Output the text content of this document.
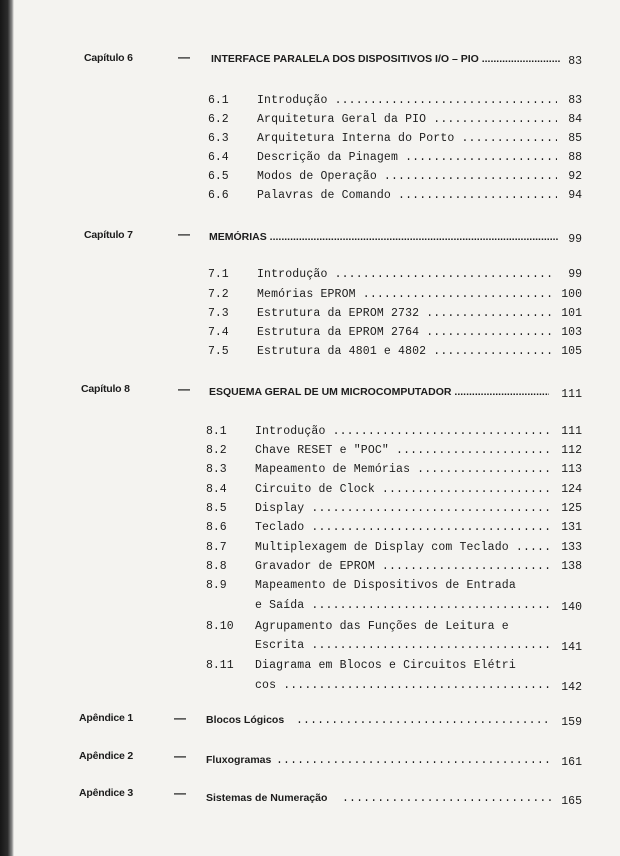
Capítulo 6	— INTERFACE PARALELA DOS DISPOSITIVOS I/O – PIO .....	83
6.1 Introdução .....	83
6.2 Arquitetura Geral da PIO .....	84
6.3 Arquitetura Interna do Porto .....	85
6.4 Descrição da Pinagem .....	88
6.5 Modos de Operação .....	92
6.6 Palavras de Comando .....	94
Capítulo 7	— MEMÓRIAS .....	99
7.1 Introdução .....	99
7.2 Memórias EPROM .....	100
7.3 Estrutura da EPROM 2732 .....	101
7.4 Estrutura da EPROM 2764 .....	103
7.5 Estrutura da 4801 e 4802 .....	105
Capítulo 8	— ESQUEMA GERAL DE UM MICROCOMPUTADOR .....	111
8.1 Introdução .....	111
8.2 Chave RESET e "POC" .....	112
8.3 Mapeamento de Memórias .....	113
8.4 Circuito de Clock .....	124
8.5 Display .....	125
8.6 Teclado .....	131
8.7 Multiplexagem de Display com Teclado .....	133
8.8 Gravador de EPROM .....	138
8.9 Mapeamento de Dispositivos de Entrada
e Saída .....	140
8.10 Agrupamento das Funções de Leitura e
Escrita .....	141
8.11 Diagrama em Blocos e Circuitos Elétri
cos .....	142
Apêndice 1	— Blocos Lógicos .....	159
Apêndice 2	— Fluxogramas .....	161
Apêndice 3	— Sistemas de Numeração .....	165
